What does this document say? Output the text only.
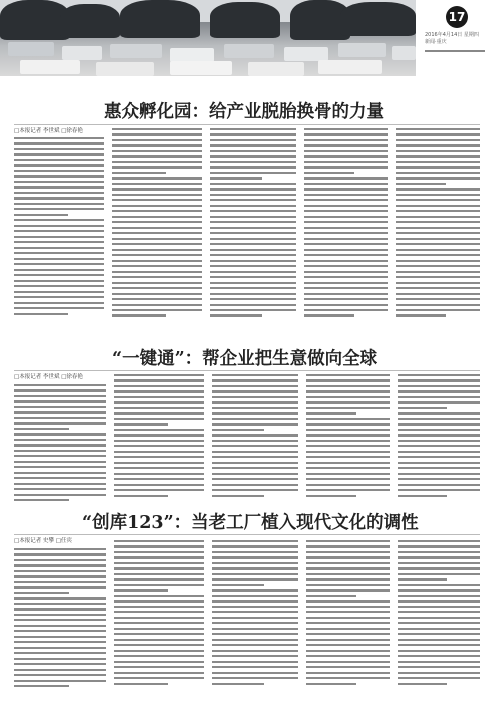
17
2016年4月14日 星期四 新闻·重庆
惠众孵化园：给产业脱胎换骨的力量
□本报记者 李世斌 □徐春艳
“一键通”：帮企业把生意做向全球
□本报记者 李世斌 □徐春艳
“创库123”：当老工厂植入现代文化的调性
□本报记者 史攀 □任宾
